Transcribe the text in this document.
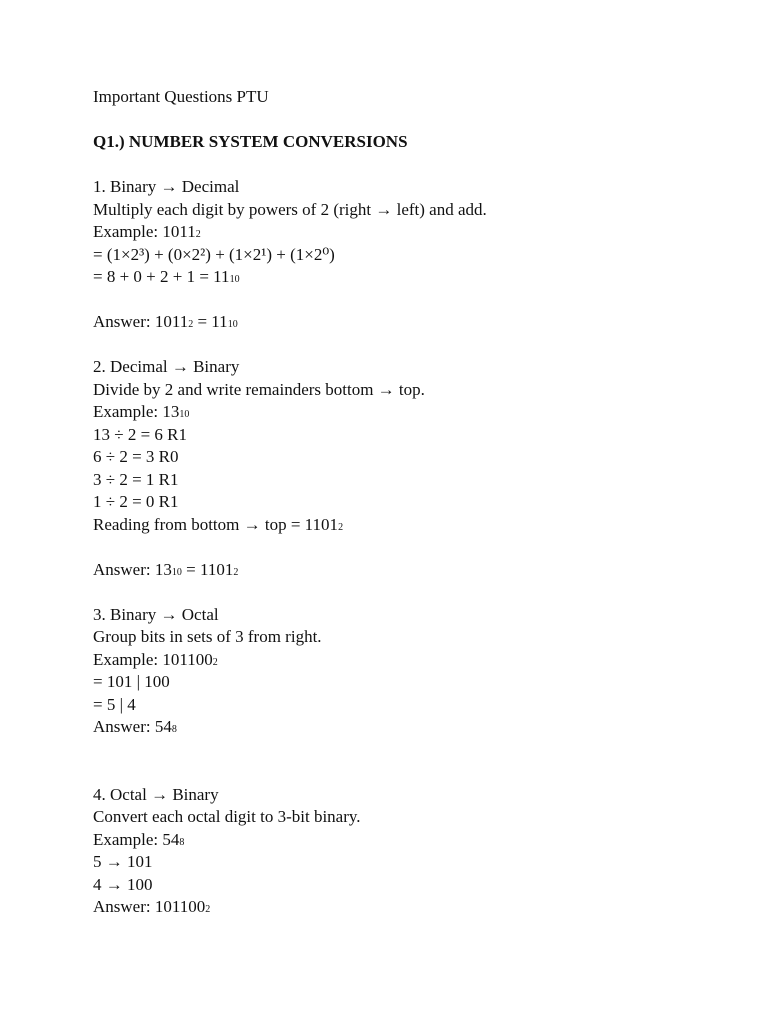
Important Questions PTU
Q1.) NUMBER SYSTEM CONVERSIONS
1. Binary → Decimal
Multiply each digit by powers of 2 (right → left) and add.
Example: 10112
= (1×2³) + (0×2²) + (1×2¹) + (1×2⁰)
= 8 + 0 + 2 + 1 = 1110
Answer: 10112 = 1110
2. Decimal → Binary
Divide by 2 and write remainders bottom → top.
Example: 1310
13 ÷ 2 = 6 R1
6 ÷ 2 = 3 R0
3 ÷ 2 = 1 R1
1 ÷ 2 = 0 R1
Reading from bottom → top = 11012
Answer: 1310 = 11012
3. Binary → Octal
Group bits in sets of 3 from right.
Example: 1011002
= 101 | 100
= 5 | 4
Answer: 548
4. Octal → Binary
Convert each octal digit to 3-bit binary.
Example: 548
5 → 101
4 → 100
Answer: 1011002
